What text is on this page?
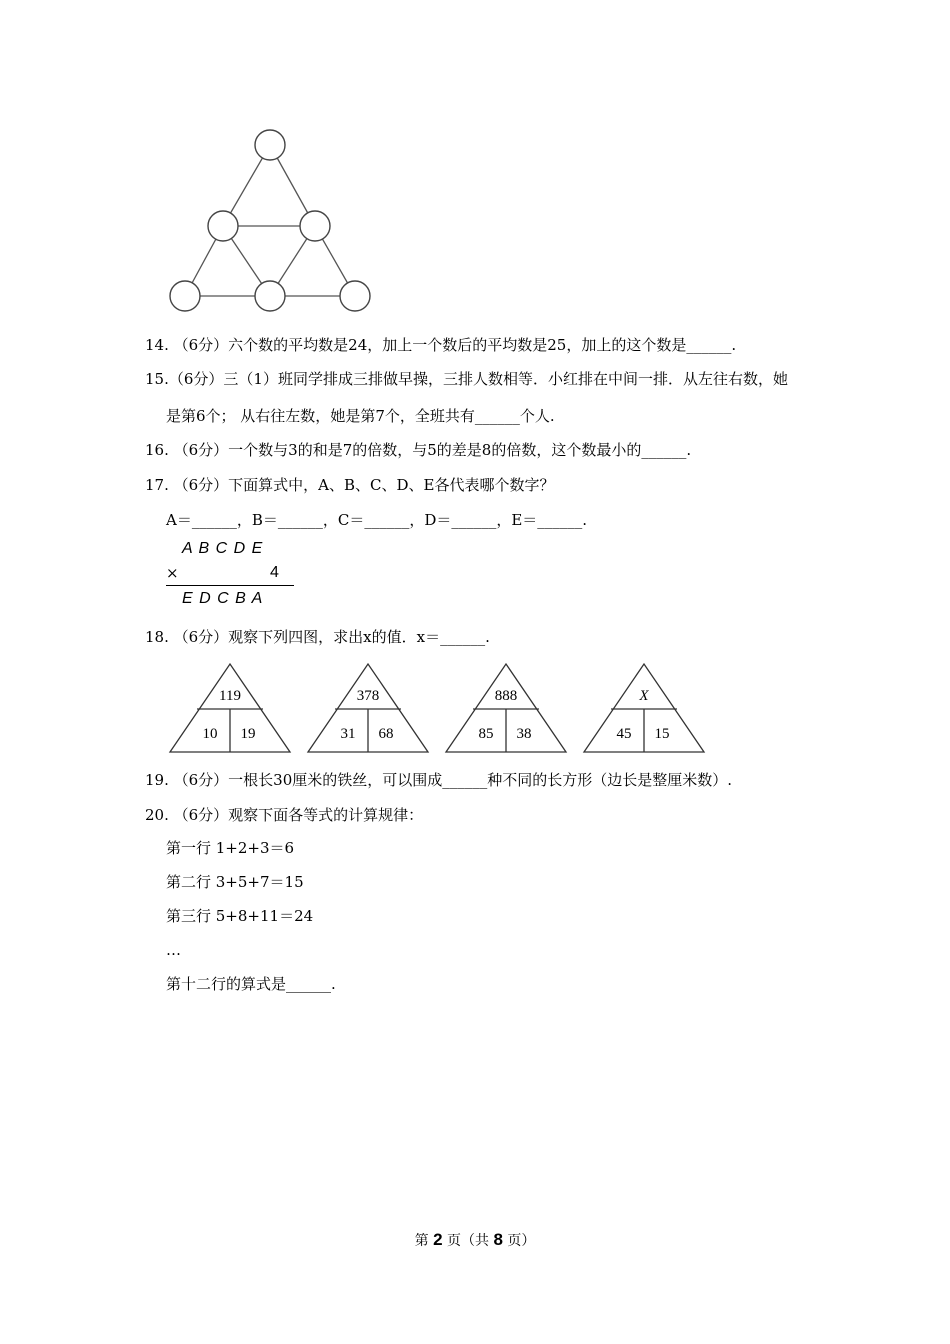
14. （6分）六个数的平均数是24，加上一个数后的平均数是25，加上的这个数是______.
15.（6分）三（1）班同学排成三排做早操，三排人数相等．小红排在中间一排．从左往右数，她
是第6个； 从右往左数，她是第7个，全班共有______个人.
16. （6分）一个数与3的和是7的倍数，与5的差是8的倍数，这个数最小的______.
17. （6分）下面算式中，A、B、C、D、E各代表哪个数字？
A＝______，B＝______，C＝______，D＝______，E＝______.
A B C D E
×	4
E D C B A
18. （6分）观察下列四图，求出x的值．x＝______.
119
10 19
378
31 68
888
85 38
X
45 15
19. （6分）一根长30厘米的铁丝，可以围成______种不同的长方形（边长是整厘米数）.
20. （6分）观察下面各等式的计算规律：
第一行 1+2+3＝6
第二行 3+5+7＝15
第三行 5+8+11＝24
…
第十二行的算式是______.
第 2 页（共 8 页）
